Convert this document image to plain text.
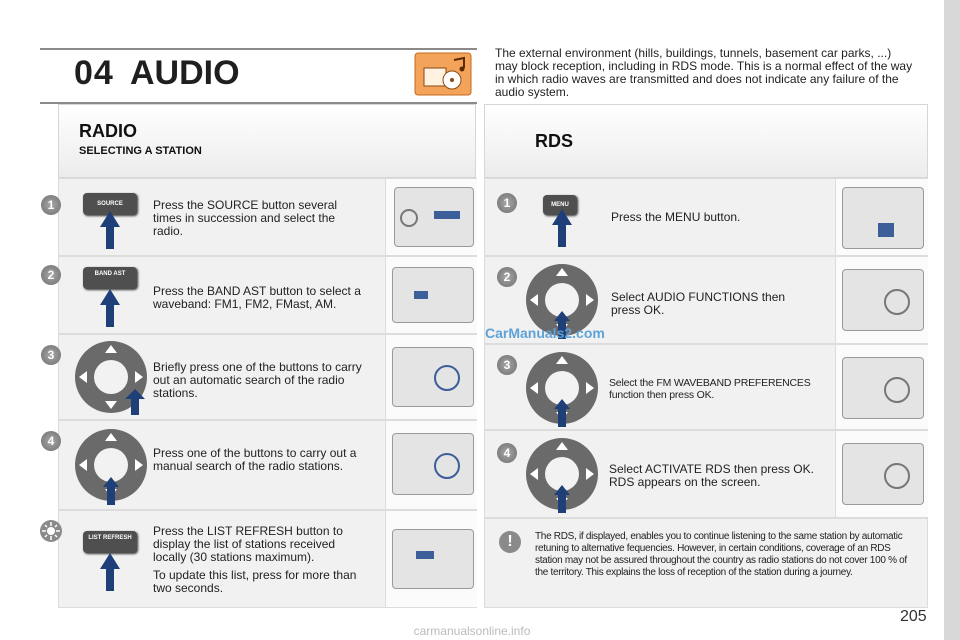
04 AUDIO
The external environment (hills, buildings, tunnels, basement car parks, ...) may block reception, including in RDS mode. This is a normal effect of the way in which radio waves are transmitted and does not indicate any failure of the audio system.
RADIO
SELECTING A STATION	RDS
1	SOURCE	Press the SOURCE button several times in succession and select the radio.
2	BAND AST
Press the BAND AST button to select a waveband: FM1, FM2, FMast, AM.
3
Briefly press one of the buttons to carry out an automatic search of the radio stations.
4
Press one of the buttons to carry out a manual search of the radio stations.
LIST REFRESH	Press the LIST REFRESH button to display the list of stations received locally (30 stations maximum).
To update this list, press for more than two seconds.
1	MENU
Press the MENU button.
2
Select AUDIO FUNCTIONS then press OK.
3
Select the FM WAVEBAND PREFERENCES function then press OK.
4
Select ACTIVATE RDS then press OK. RDS appears on the screen.
!	The RDS, if displayed, enables you to continue listening to the same station by automatic retuning to alternative fequencies. However, in certain conditions, coverage of an RDS station may not be assured throughout the country as radio stations do not cover 100 % of the territory. This explains the loss of reception of the station during a journey.
CarManuals2.com
205
carmanualsonline.info
